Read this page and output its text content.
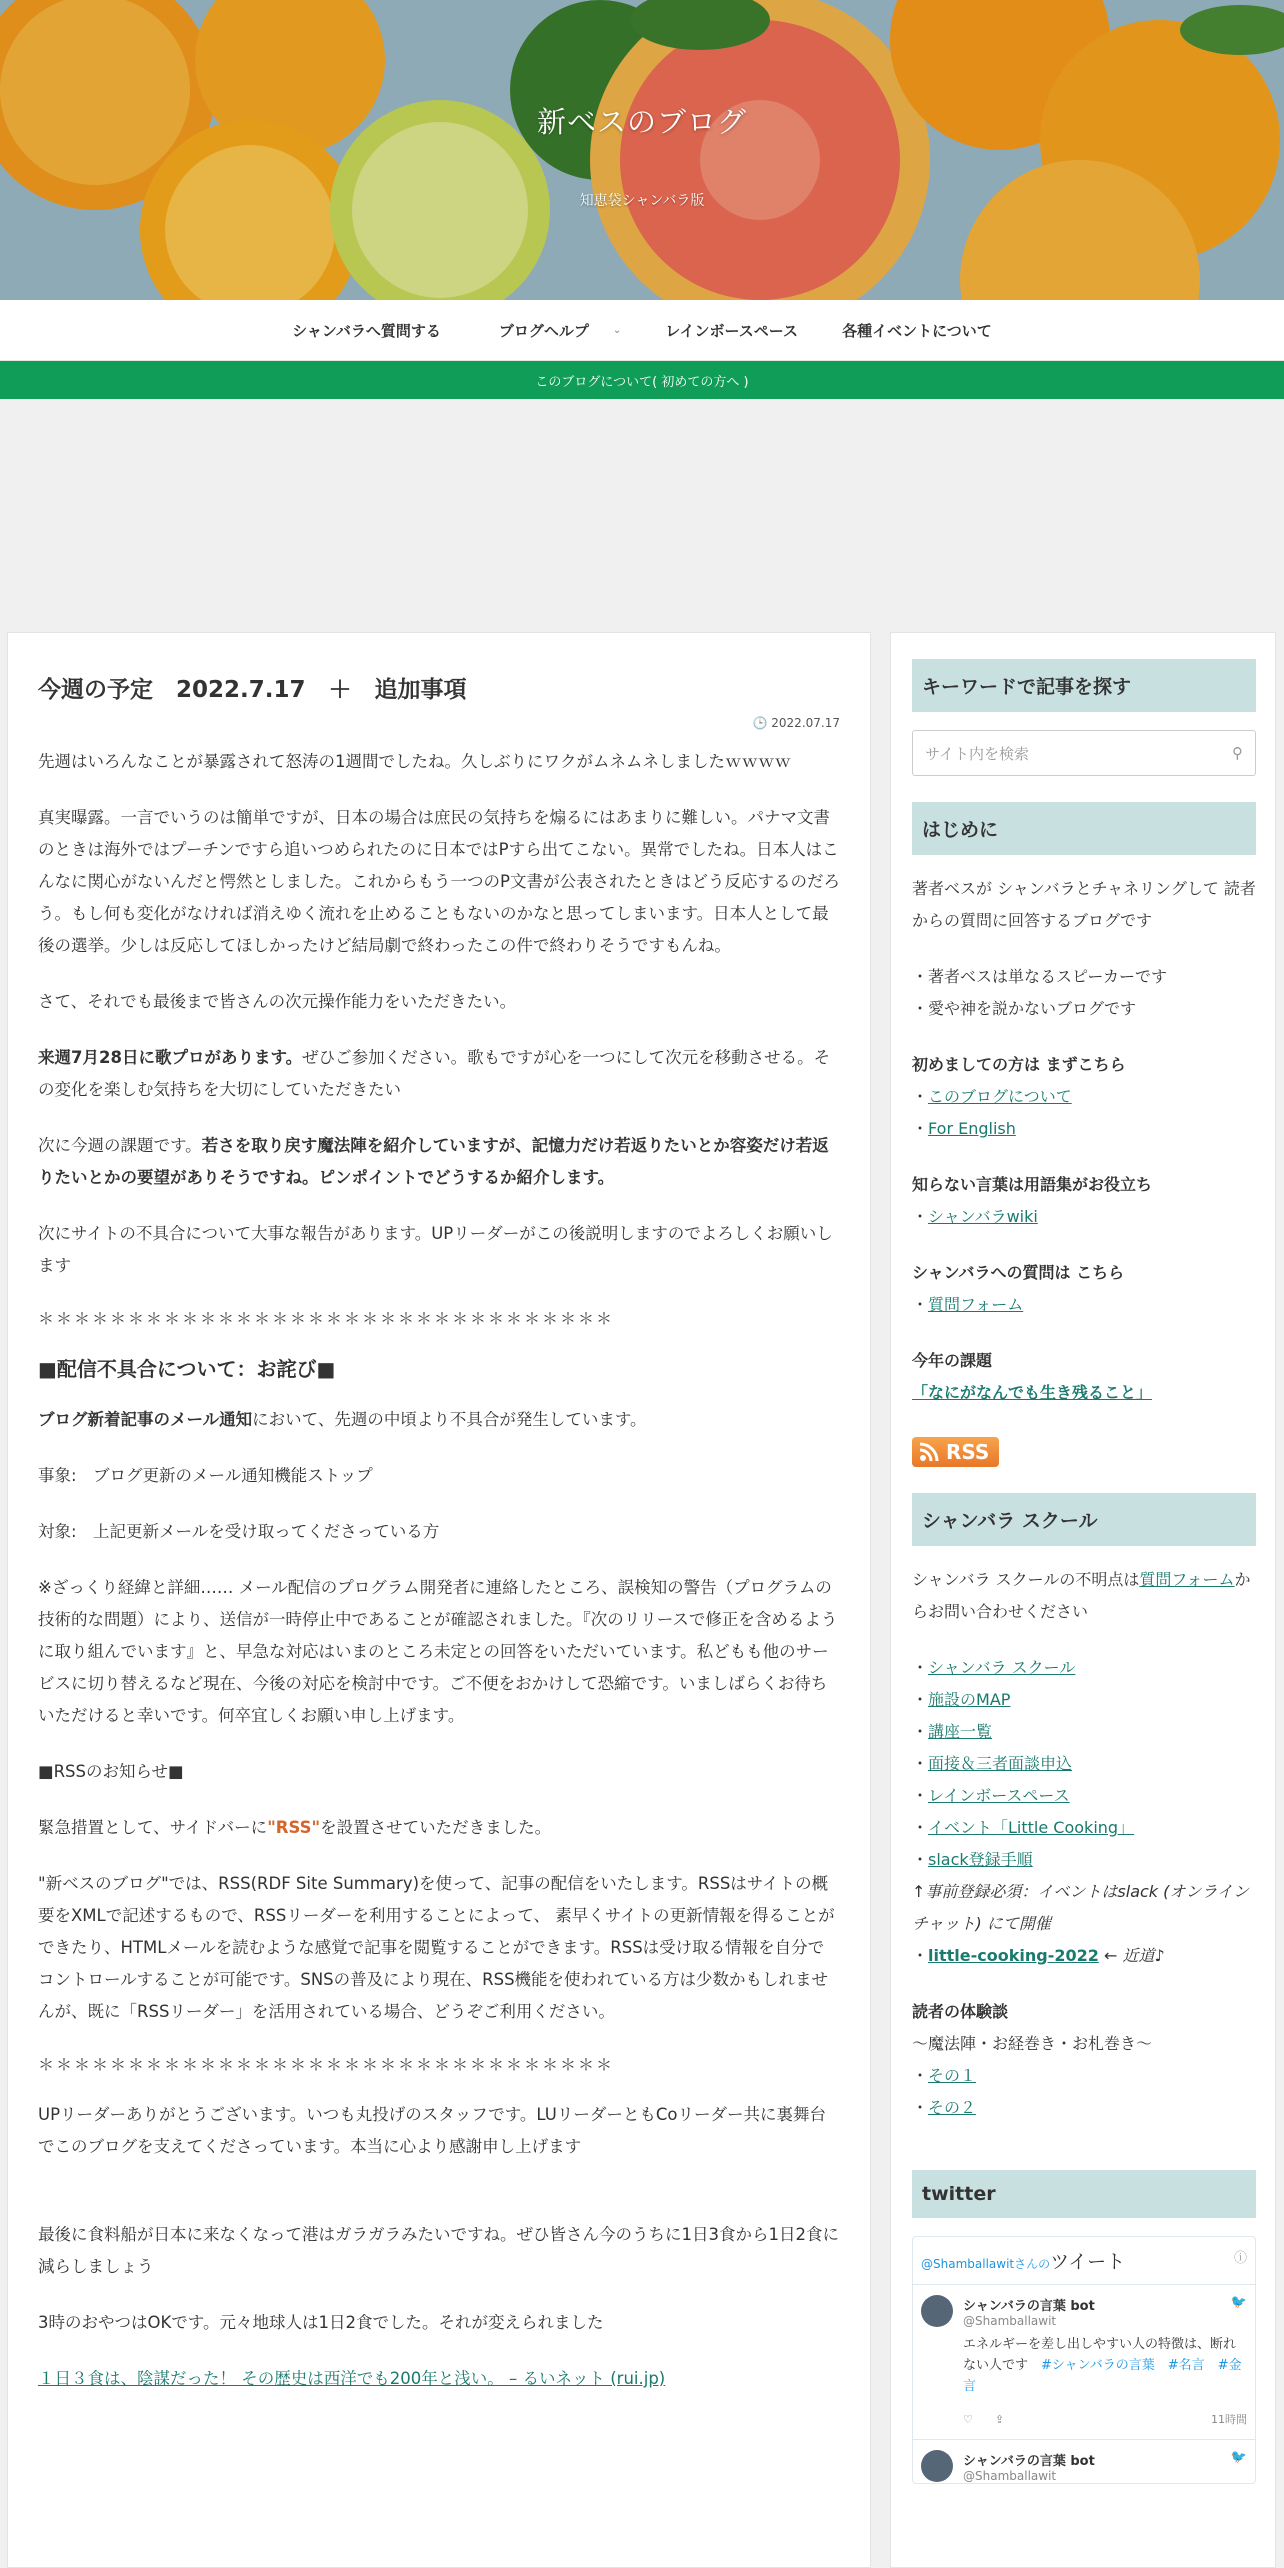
新ベスのブログ
知恵袋シャンバラ版
シャンバラへ質問する	ブログヘルプ ⌄	レインボースペース	各種イベントについて
このブログについて( 初めての方へ )
今週の予定　2022.7.17　＋　追加事項
🕒 2022.07.17

先週はいろんなことが暴露されて怒涛の1週間でしたね。久しぶりにワクがムネムネしましたｗｗｗｗ

真実曝露。一言でいうのは簡単ですが、日本の場合は庶民の気持ちを煽るにはあまりに難しい。パナマ文書のときは海外ではプーチンですら追いつめられたのに日本ではPすら出てこない。異常でしたね。日本人はこんなに関心がないんだと愕然としました。これからもう一つのP文書が公表されたときはどう反応するのだろう。もし何も変化がなければ消えゆく流れを止めることもないのかなと思ってしまいます。日本人として最後の選挙。少しは反応してほしかったけど結局劇で終わったこの件で終わりそうですもんね。

さて、それでも最後まで皆さんの次元操作能力をいただきたい。

来週7月28日に歌プロがあります。ぜひご参加ください。歌もですが心を一つにして次元を移動させる。その変化を楽しむ気持ちを大切にしていただきたい

次に今週の課題です。若さを取り戻す魔法陣を紹介していますが、記憶力だけ若返りたいとか容姿だけ若返りたいとかの要望がありそうですね。ピンポイントでどうするか紹介します。

次にサイトの不具合について大事な報告があります。UPリーダーがこの後説明しますのでよろしくお願いします

＊＊＊＊＊＊＊＊＊＊＊＊＊＊＊＊＊＊＊＊＊＊＊＊＊＊＊＊＊＊＊＊
■配信不具合について：お詫び■

ブログ新着記事のメール通知において、先週の中頃より不具合が発生しています。

事象:　ブログ更新のメール通知機能ストップ

対象:　上記更新メールを受け取ってくださっている方

※ざっくり経緯と詳細…… メール配信のプログラム開発者に連絡したところ、誤検知の警告（プログラムの技術的な問題）により、送信が一時停止中であることが確認されました。『次のリリースで修正を含めるように取り組んでいます』と、早急な対応はいまのところ未定との回答をいただいています。私どもも他のサービスに切り替えるなど現在、今後の対応を検討中です。ご不便をおかけして恐縮です。いましばらくお待ちいただけると幸いです。何卒宜しくお願い申し上げます。

■RSSのお知らせ■

緊急措置として、サイドバーに"RSS"を設置させていただきました。

"新ベスのブログ"では、RSS(RDF Site Summary)を使って、記事の配信をいたします。RSSはサイトの概要をXMLで記述するもので、RSSリーダーを利用することによって、 素早くサイトの更新情報を得ることができたり、HTMLメールを読むような感覚で記事を閲覧することができます。RSSは受け取る情報を自分でコントロールすることが可能です。SNSの普及により現在、RSS機能を使われている方は少数かもしれませんが、既に「RSSリーダー」を活用されている場合、どうぞご利用ください。

＊＊＊＊＊＊＊＊＊＊＊＊＊＊＊＊＊＊＊＊＊＊＊＊＊＊＊＊＊＊＊＊

UPリーダーありがとうございます。いつも丸投げのスタッフです。LUリーダーともCoリーダー共に裏舞台でこのブログを支えてくださっています。本当に心より感謝申し上げます

最後に食料船が日本に来なくなって港はガラガラみたいですね。ぜひ皆さん今のうちに1日3食から1日2食に減らしましょう

3時のおやつはOKです。元々地球人は1日2食でした。それが変えられました

１日３食は、陰謀だった！ その歴史は西洋でも200年と浅い。 – るいネット (rui.jp)

キーワードで記事を探す
サイト内を検索	⚲
はじめに

著者ベスが シャンバラとチャネリングして 読者からの質問に回答するブログです

・著者ベスは単なるスピーカーです

・愛や神を説かないブログです

初めましての方は まずこちら

・このブログについて

・For English

知らない言葉は用語集がお役立ち

・シャンバラwiki

シャンバラへの質問は こちら

・質問フォーム

今年の課題

「なにがなんでも生き残ること」

RSS
シャンバラ スクール

シャンバラ スクールの不明点は質問フォームからお問い合わせください

・シャンバラ スクール

・施設のMAP

・講座一覧

・面接＆三者面談申込

・レインボースペース

・イベント「Little Cooking」

・slack登録手順

↑事前登録必須：イベントはslack (オンラインチャット) にて開催

・little-cooking-2022 ← 近道♪

読者の体験談

〜魔法陣・お経巻き・お札巻き〜

・その１

・その２

twitter
@Shamballawitさんのツイート	ⓘ
シャンバラの言葉 bot
@Shamballawit
🐦
エネルギーを差し出しやすい人の特徴は、断れない人です　 #シャンバラの言葉　#名言　#金言
♡　　 ⇪	11時間
シャンバラの言葉 bot
@Shamballawit
🐦
